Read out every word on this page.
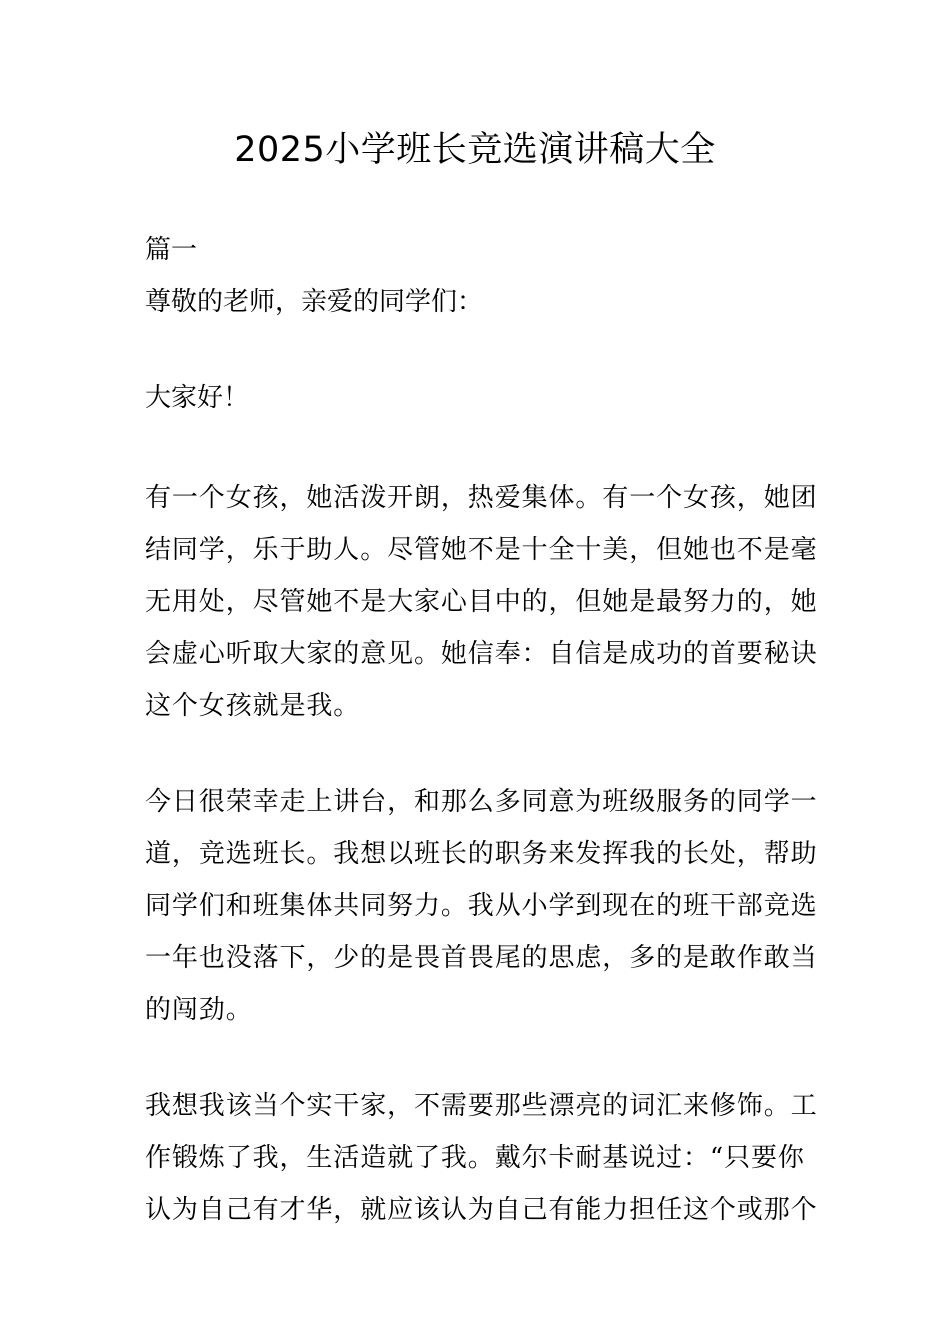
2025小学班长竞选演讲稿大全
篇一
尊敬的老师，亲爱的同学们：
大家好！
有一个女孩，她活泼开朗，热爱集体。有一个女孩，她团
结同学，乐于助人。尽管她不是十全十美，但她也不是毫
无用处，尽管她不是大家心目中的，但她是最努力的，她
会虚心听取大家的意见。她信奉：自信是成功的首要秘诀
这个女孩就是我。
今日很荣幸走上讲台，和那么多同意为班级服务的同学一
道，竞选班长。我想以班长的职务来发挥我的长处，帮助
同学们和班集体共同努力。我从小学到现在的班干部竞选
一年也没落下，少的是畏首畏尾的思虑，多的是敢作敢当
的闯劲。
我想我该当个实干家，不需要那些漂亮的词汇来修饰。工
作锻炼了我，生活造就了我。戴尔卡耐基说过：“只要你
认为自己有才华，就应该认为自己有能力担任这个或那个
